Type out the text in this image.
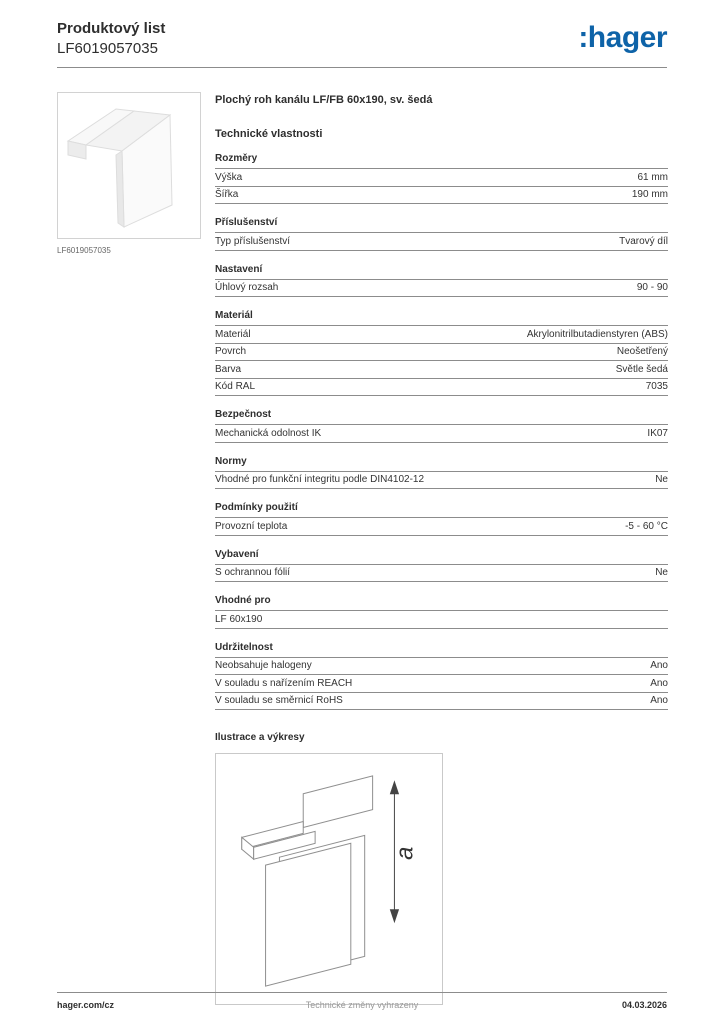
Produktový list
LF6019057035	:hager
LF6019057035
Plochý roh kanálu LF/FB 60x190, sv. šedá
Technické vlastnosti
Rozměry
Výška	61 mm
Šířka	190 mm
Příslušenství
Typ příslušenství	Tvarový díl
Nastavení
Úhlový rozsah	90 - 90
Materiál
Materiál	Akrylonitrilbutadienstyren (ABS)
Povrch	Neošetřený
Barva	Světle šedá
Kód RAL	7035
Bezpečnost
Mechanická odolnost IK	IK07
Normy
Vhodné pro funkční integritu podle DIN4102-12	Ne
Podmínky použití
Provozní teplota	-5 - 60 °C
Vybavení
S ochrannou fólií	Ne
Vhodné pro
LF 60x190
Udržitelnost
Neobsahuje halogeny	Ano
V souladu s nařízením REACH	Ano
V souladu se směrnicí RoHS	Ano
Ilustrace a výkresy
a
hager.com/cz	Technické změny vyhrazeny	04.03.2026
